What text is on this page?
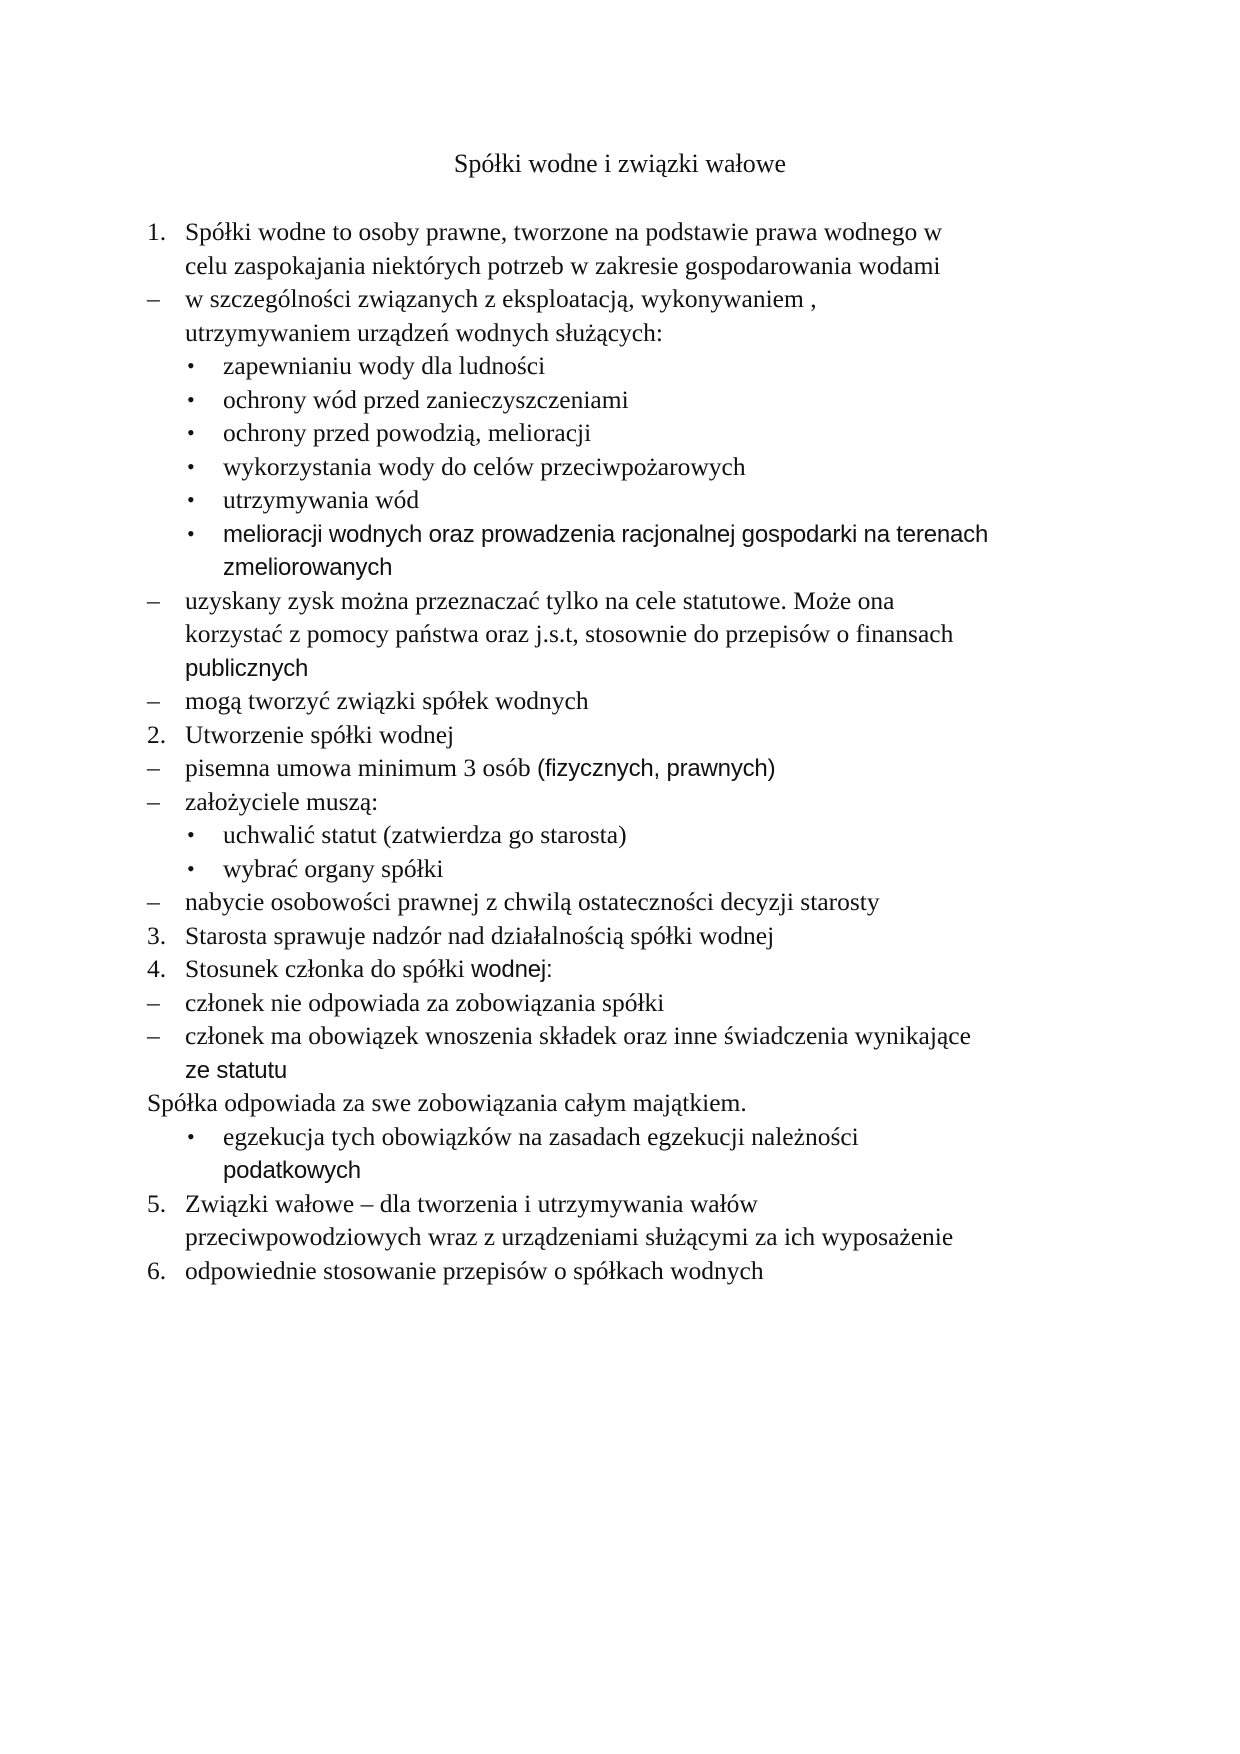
Spółki wodne i związki wałowe
1. Spółki wodne to osoby prawne, tworzone na podstawie prawa wodnego w
celu zaspokajania niektórych potrzeb w zakresie gospodarowania wodami
– w szczególności związanych z eksploatacją, wykonywaniem ,
utrzymywaniem urządzeń wodnych służących:
• zapewnianiu wody dla ludności
• ochrony wód przed zanieczyszczeniami
• ochrony przed powodzią, melioracji
• wykorzystania wody do celów przeciwpożarowych
• utrzymywania wód
• melioracji wodnych oraz prowadzenia racjonalnej gospodarki na terenach
zmeliorowanych
– uzyskany zysk można przeznaczać tylko na cele statutowe. Może ona
korzystać z pomocy państwa oraz j.s.t, stosownie do przepisów o finansach
publicznych
– mogą tworzyć związki spółek wodnych
2. Utworzenie spółki wodnej
– pisemna umowa minimum 3 osób (fizycznych, prawnych)
– założyciele muszą:
• uchwalić statut (zatwierdza go starosta)
• wybrać organy spółki
– nabycie osobowości prawnej z chwilą ostateczności decyzji starosty
3. Starosta sprawuje nadzór nad działalnością spółki wodnej
4. Stosunek członka do spółki wodnej:
– członek nie odpowiada za zobowiązania spółki
– członek ma obowiązek wnoszenia składek oraz inne świadczenia wynikające
ze statutu
Spółka odpowiada za swe zobowiązania całym majątkiem.
• egzekucja tych obowiązków na zasadach egzekucji należności
podatkowych
5. Związki wałowe – dla tworzenia i utrzymywania wałów
przeciwpowodziowych wraz z urządzeniami służącymi za ich wyposażenie
6. odpowiednie stosowanie przepisów o spółkach wodnych
